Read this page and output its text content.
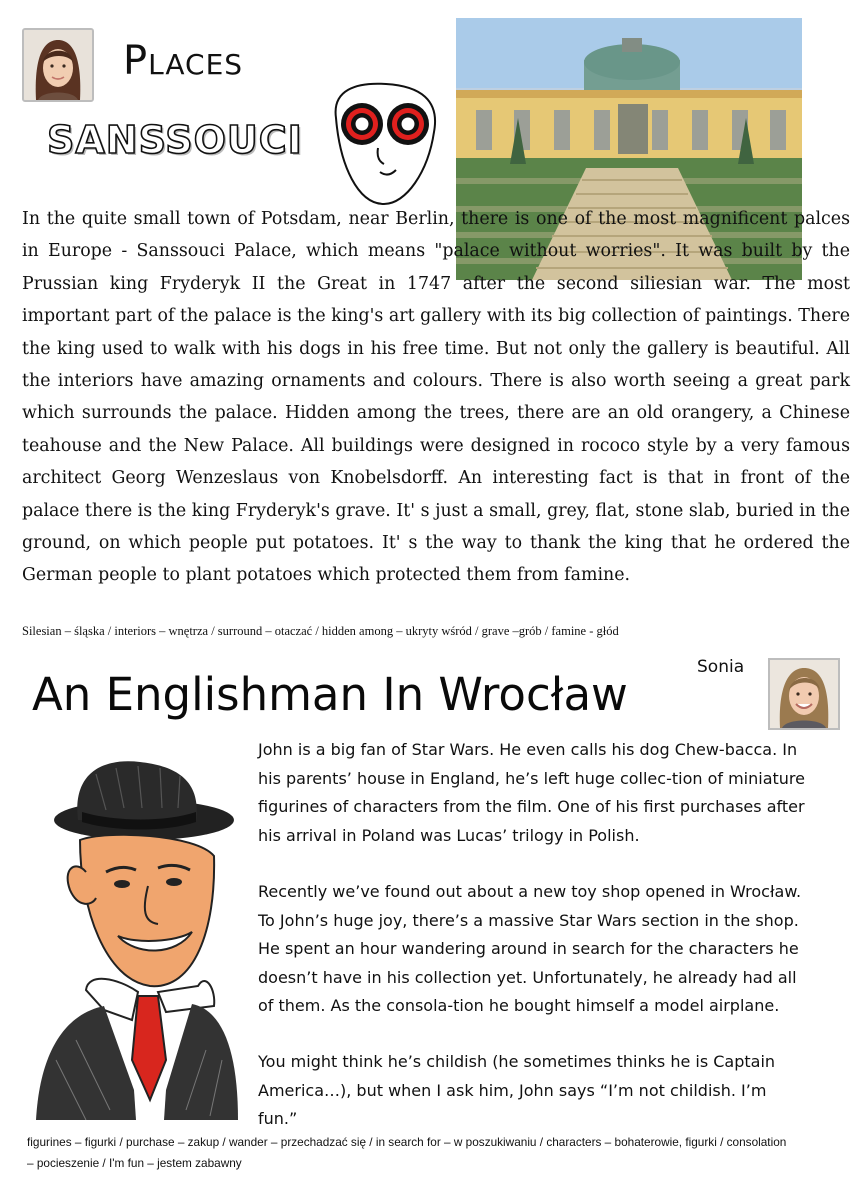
Places
SANSSOUCI

In the quite small town of Potsdam, near Berlin, there is one of the most magnificent palces in Europe - Sanssouci Palace, which means "palace without worries". It was built by the Prussian king Fryderyk II the Great in 1747 after the second siliesian war. The most important part of the palace is the king's art gallery with its big collection of paintings. There the king used to walk with his dogs in his free time. But not only the gallery is beautiful. All the interiors have amazing ornaments and colours. There is also worth seeing a great park which surrounds the palace. Hidden among the trees, there are an old orangery, a Chinese teahouse and the New Palace. All buildings were designed in rococo style by a very famous architect Georg Wenzeslaus von Knobelsdorff. An interesting fact is that in front of the palace there is the king Fryderyk's grave. It' s just a small, grey, flat, stone slab, buried in the ground, on which people put potatoes. It' s the way to thank the king that he ordered the German people to plant potatoes which protected them from famine.

Silesian – śląska / interiors – wnętrza / surround – otaczać / hidden among – ukryty wśród / grave –grób / famine - głód
Sonia
An Englishman In Wrocław

John is a big fan of Star Wars. He even calls his dog Chew-bacca. In his parents’ house in England, he’s left huge collec-tion of miniature figurines of characters from the film. One of his first purchases after his arrival in Poland was Lucas’ trilogy in Polish.

Recently we’ve found out about a new toy shop opened in Wrocław. To John’s huge joy, there’s a massive Star Wars section in the shop. He spent an hour wandering around in search for the characters he doesn’t have in his collection yet. Unfortunately, he already had all of them. As the consola-tion he bought himself a model airplane.

You might think he’s childish (he sometimes thinks he is Captain America…), but when I ask him, John says “I’m not childish. I’m fun.”

figurines – figurki / purchase – zakup / wander – przechadzać się / in search for – w poszukiwaniu / characters – bohaterowie, figurki / consolation – pocieszenie / I'm fun – jestem zabawny
